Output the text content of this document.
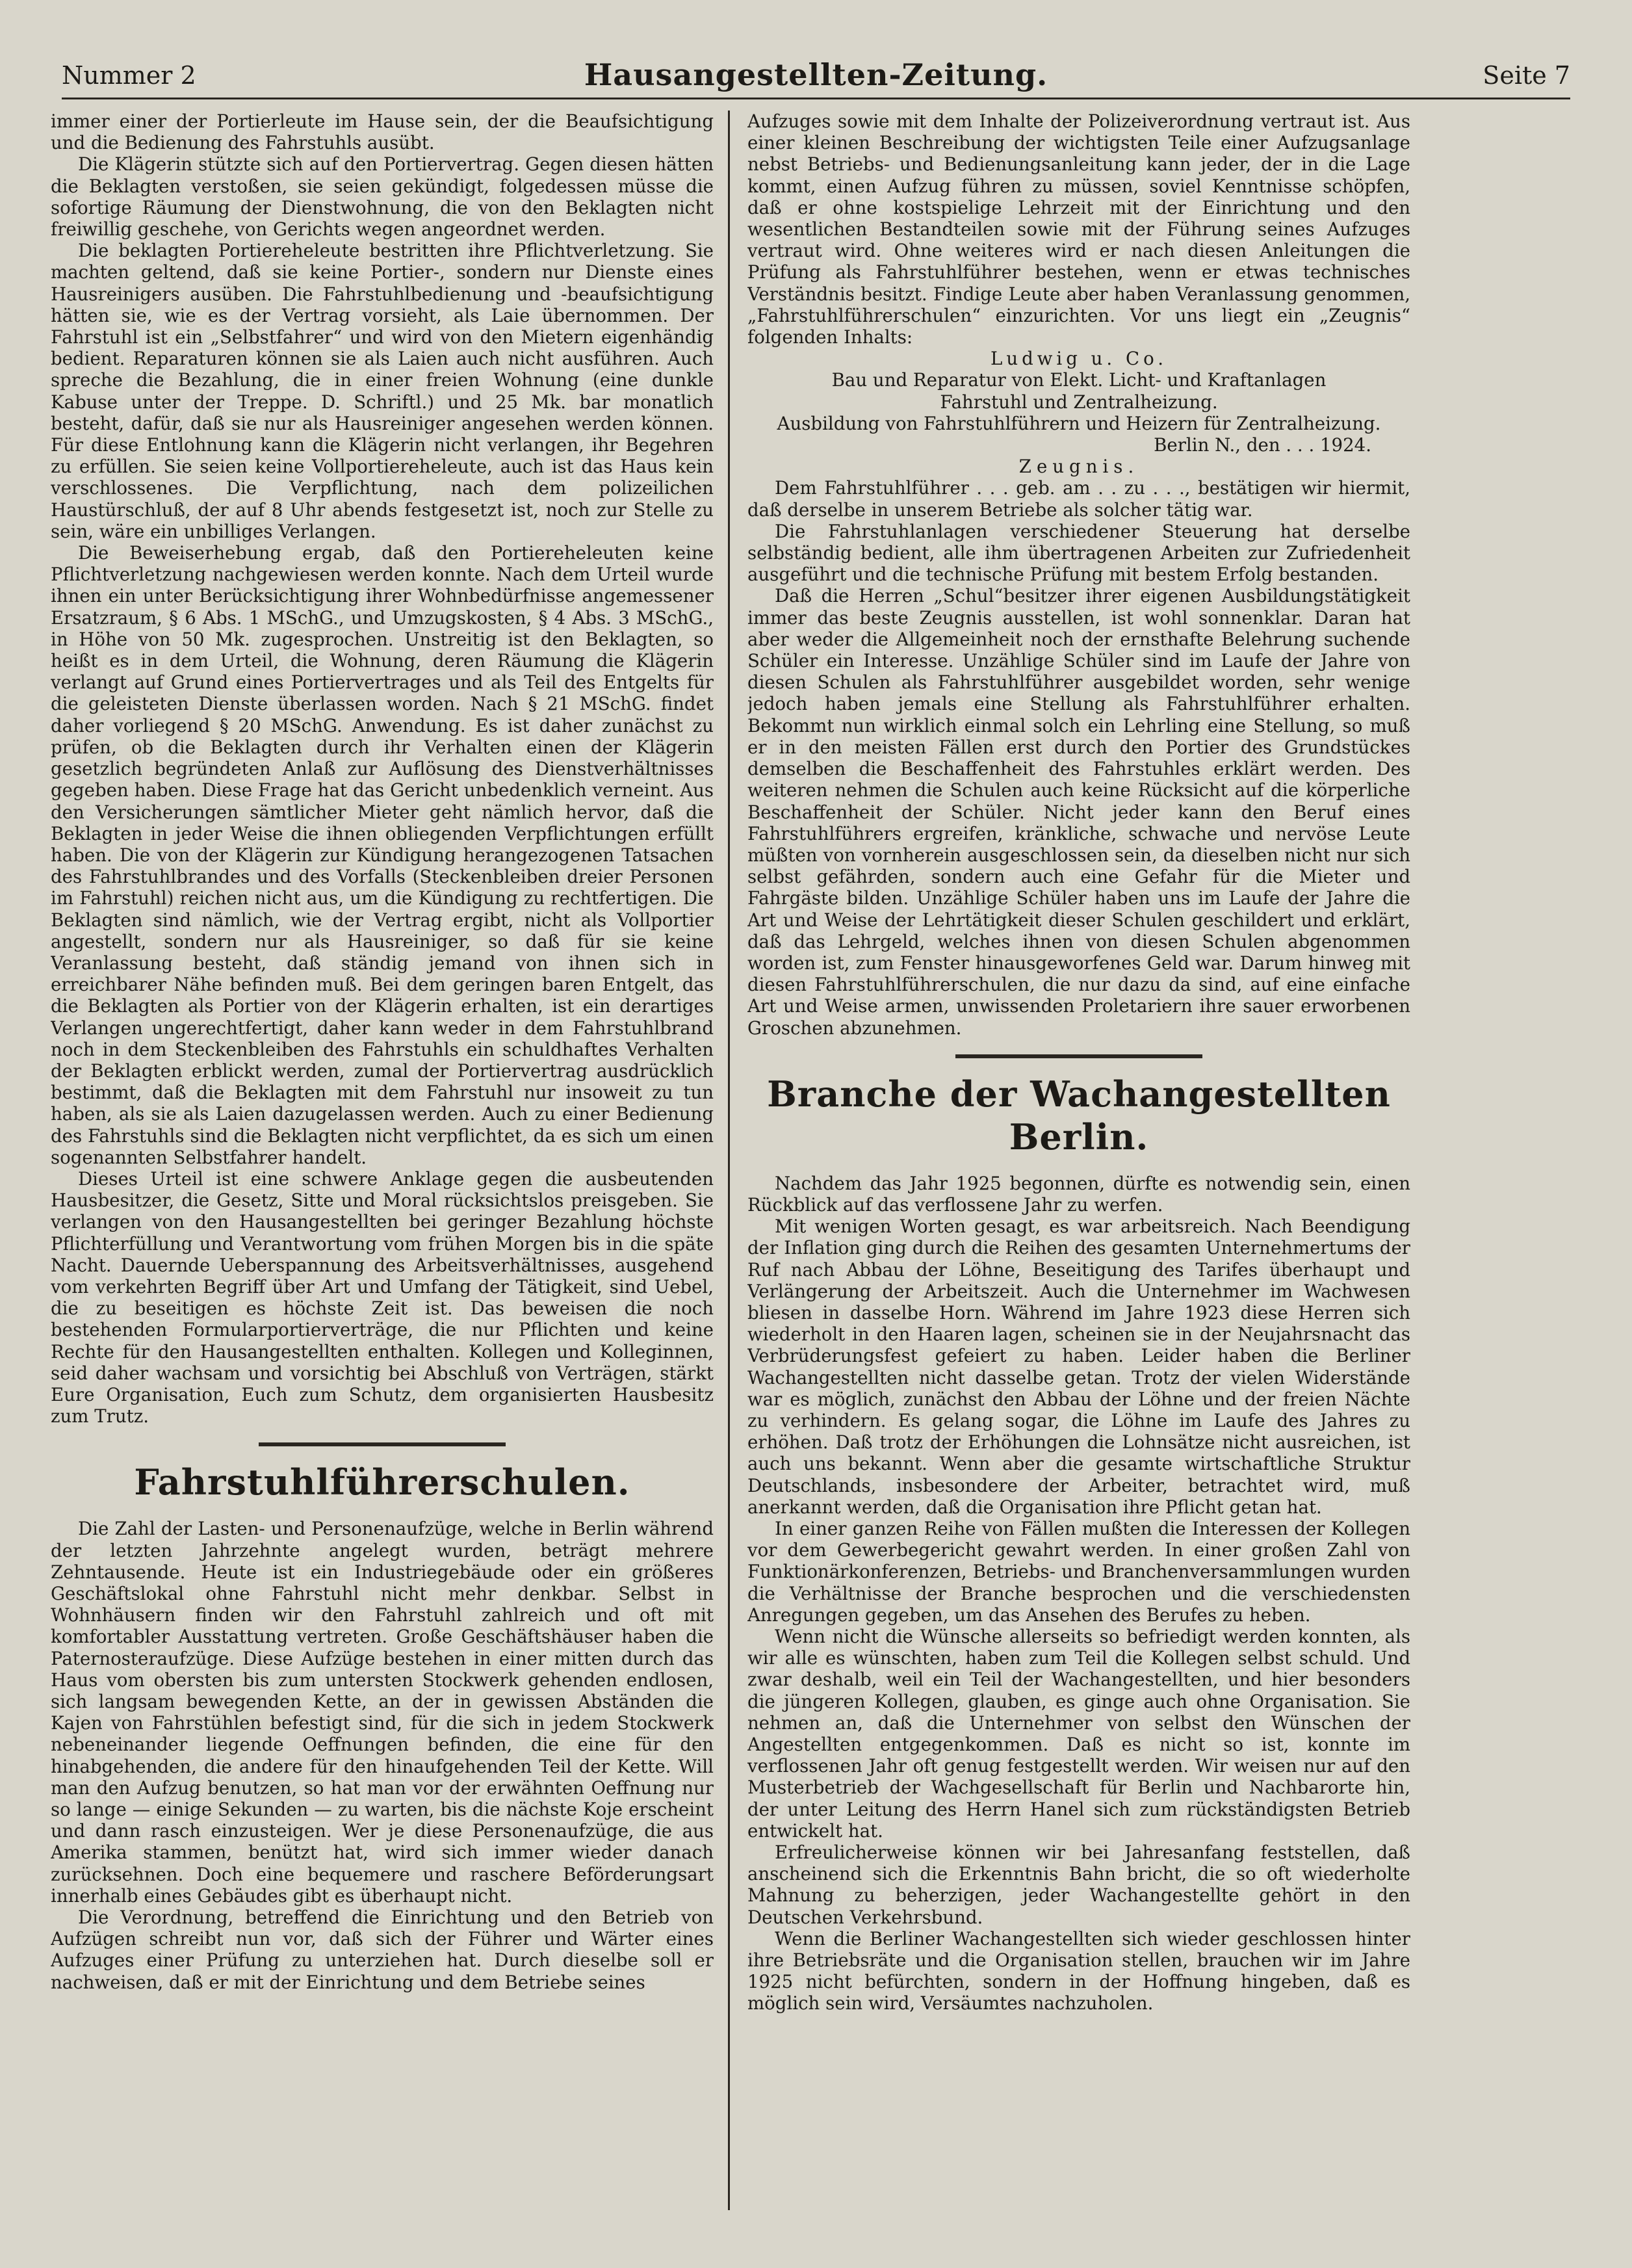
Nummer 2	Hausangestellten-Zeitung.	Seite 7

immer einer der Portierleute im Hause sein, der die Beaufsichtigung und die Bedienung des Fahrstuhls ausübt.

Die Klägerin stützte sich auf den Portiervertrag. Gegen diesen hätten die Beklagten verstoßen, sie seien gekündigt, folgedessen müsse die sofortige Räumung der Dienstwohnung, die von den Beklagten nicht freiwillig geschehe, von Gerichts wegen angeordnet werden.

Die beklagten Portiereheleute bestritten ihre Pflichtverletzung. Sie machten geltend, daß sie keine Portier-, sondern nur Dienste eines Hausreinigers ausüben. Die Fahrstuhlbedienung und -beaufsichtigung hätten sie, wie es der Vertrag vorsieht, als Laie übernommen. Der Fahrstuhl ist ein „Selbstfahrer“ und wird von den Mietern eigenhändig bedient. Reparaturen können sie als Laien auch nicht ausführen. Auch spreche die Bezahlung, die in einer freien Wohnung (eine dunkle Kabuse unter der Treppe. D. Schriftl.) und 25 Mk. bar monatlich besteht, dafür, daß sie nur als Hausreiniger angesehen werden können. Für diese Entlohnung kann die Klägerin nicht verlangen, ihr Begehren zu erfüllen. Sie seien keine Vollportiereheleute, auch ist das Haus kein verschlossenes. Die Verpflichtung, nach dem polizeilichen Haustürschluß, der auf 8 Uhr abends festgesetzt ist, noch zur Stelle zu sein, wäre ein unbilliges Verlangen.

Die Beweiserhebung ergab, daß den Portiereheleuten keine Pflichtverletzung nachgewiesen werden konnte. Nach dem Urteil wurde ihnen ein unter Berücksichtigung ihrer Wohnbedürfnisse angemessener Ersatzraum, § 6 Abs. 1 MSchG., und Umzugskosten, § 4 Abs. 3 MSchG., in Höhe von 50 Mk. zugesprochen. Unstreitig ist den Beklagten, so heißt es in dem Urteil, die Wohnung, deren Räumung die Klägerin verlangt auf Grund eines Portiervertrages und als Teil des Entgelts für die geleisteten Dienste überlassen worden. Nach § 21 MSchG. findet daher vorliegend § 20 MSchG. Anwendung. Es ist daher zunächst zu prüfen, ob die Beklagten durch ihr Verhalten einen der Klägerin gesetzlich begründeten Anlaß zur Auflösung des Dienstverhältnisses gegeben haben. Diese Frage hat das Gericht unbedenklich verneint. Aus den Versicherungen sämtlicher Mieter geht nämlich hervor, daß die Beklagten in jeder Weise die ihnen obliegenden Verpflichtungen erfüllt haben. Die von der Klägerin zur Kündigung herangezogenen Tatsachen des Fahrstuhlbrandes und des Vorfalls (Steckenbleiben dreier Personen im Fahrstuhl) reichen nicht aus, um die Kündigung zu rechtfertigen. Die Beklagten sind nämlich, wie der Vertrag ergibt, nicht als Vollportier angestellt, sondern nur als Hausreiniger, so daß für sie keine Veranlassung besteht, daß ständig jemand von ihnen sich in erreichbarer Nähe befinden muß. Bei dem geringen baren Entgelt, das die Beklagten als Portier von der Klägerin erhalten, ist ein derartiges Verlangen ungerechtfertigt, daher kann weder in dem Fahrstuhlbrand noch in dem Steckenbleiben des Fahrstuhls ein schuldhaftes Verhalten der Beklagten erblickt werden, zumal der Portiervertrag ausdrücklich bestimmt, daß die Beklagten mit dem Fahrstuhl nur insoweit zu tun haben, als sie als Laien dazugelassen werden. Auch zu einer Bedienung des Fahrstuhls sind die Beklagten nicht verpflichtet, da es sich um einen sogenannten Selbstfahrer handelt.

Dieses Urteil ist eine schwere Anklage gegen die ausbeutenden Hausbesitzer, die Gesetz, Sitte und Moral rücksichtslos preisgeben. Sie verlangen von den Hausangestellten bei geringer Bezahlung höchste Pflichterfüllung und Verantwortung vom frühen Morgen bis in die späte Nacht. Dauernde Ueberspannung des Arbeitsverhältnisses, ausgehend vom verkehrten Begriff über Art und Umfang der Tätigkeit, sind Uebel, die zu beseitigen es höchste Zeit ist. Das beweisen die noch bestehenden Formularportierverträge, die nur Pflichten und keine Rechte für den Hausangestellten enthalten. Kollegen und Kolleginnen, seid daher wachsam und vorsichtig bei Abschluß von Verträgen, stärkt Eure Organisation, Euch zum Schutz, dem organisierten Hausbesitz zum Trutz.

Fahrstuhlführerschulen.

Die Zahl der Lasten- und Personenaufzüge, welche in Berlin während der letzten Jahrzehnte angelegt wurden, beträgt mehrere Zehntausende. Heute ist ein Industriegebäude oder ein größeres Geschäftslokal ohne Fahrstuhl nicht mehr denkbar. Selbst in Wohnhäusern finden wir den Fahrstuhl zahlreich und oft mit komfortabler Ausstattung vertreten. Große Geschäftshäuser haben die Paternosteraufzüge. Diese Aufzüge bestehen in einer mitten durch das Haus vom obersten bis zum untersten Stockwerk gehenden endlosen, sich langsam bewegenden Kette, an der in gewissen Abständen die Kajen von Fahrstühlen befestigt sind, für die sich in jedem Stockwerk nebeneinander liegende Oeffnungen befinden, die eine für den hinabgehenden, die andere für den hinaufgehenden Teil der Kette. Will man den Aufzug benutzen, so hat man vor der erwähnten Oeffnung nur so lange — einige Sekunden — zu warten, bis die nächste Koje erscheint und dann rasch einzusteigen. Wer je diese Personenaufzüge, die aus Amerika stammen, benützt hat, wird sich immer wieder danach zurücksehnen. Doch eine bequemere und raschere Beförderungsart innerhalb eines Gebäudes gibt es überhaupt nicht.

Die Verordnung, betreffend die Einrichtung und den Betrieb von Aufzügen schreibt nun vor, daß sich der Führer und Wärter eines Aufzuges einer Prüfung zu unterziehen hat. Durch dieselbe soll er nachweisen, daß er mit der Einrichtung und dem Betriebe seines

Aufzuges sowie mit dem Inhalte der Polizeiverordnung vertraut ist. Aus einer kleinen Beschreibung der wichtigsten Teile einer Aufzugsanlage nebst Betriebs- und Bedienungsanleitung kann jeder, der in die Lage kommt, einen Aufzug führen zu müssen, soviel Kenntnisse schöpfen, daß er ohne kostspielige Lehrzeit mit der Einrichtung und den wesentlichen Bestandteilen sowie mit der Führung seines Aufzuges vertraut wird. Ohne weiteres wird er nach diesen Anleitungen die Prüfung als Fahrstuhlführer bestehen, wenn er etwas technisches Verständnis besitzt. Findige Leute aber haben Veranlassung genommen, „Fahrstuhlführerschulen“ einzurichten. Vor uns liegt ein „Zeugnis“ folgenden Inhalts:

Ludwig u. Co.

Bau und Reparatur von Elekt. Licht- und Kraftanlagen

Fahrstuhl und Zentralheizung.

Ausbildung von Fahrstuhlführern und Heizern für Zentralheizung.

Berlin N., den . . . 1924.

Zeugnis.

Dem Fahrstuhlführer . . . geb. am . . zu . . ., bestätigen wir hiermit, daß derselbe in unserem Betriebe als solcher tätig war.

Die Fahrstuhlanlagen verschiedener Steuerung hat derselbe selbständig bedient, alle ihm übertragenen Arbeiten zur Zufriedenheit ausgeführt und die technische Prüfung mit bestem Erfolg bestanden.

Daß die Herren „Schul“besitzer ihrer eigenen Ausbildungstätigkeit immer das beste Zeugnis ausstellen, ist wohl sonnenklar. Daran hat aber weder die Allgemeinheit noch der ernsthafte Belehrung suchende Schüler ein Interesse. Unzählige Schüler sind im Laufe der Jahre von diesen Schulen als Fahrstuhlführer ausgebildet worden, sehr wenige jedoch haben jemals eine Stellung als Fahrstuhlführer erhalten. Bekommt nun wirklich einmal solch ein Lehrling eine Stellung, so muß er in den meisten Fällen erst durch den Portier des Grundstückes demselben die Beschaffenheit des Fahrstuhles erklärt werden. Des weiteren nehmen die Schulen auch keine Rücksicht auf die körperliche Beschaffenheit der Schüler. Nicht jeder kann den Beruf eines Fahrstuhlführers ergreifen, kränkliche, schwache und nervöse Leute müßten von vornherein ausgeschlossen sein, da dieselben nicht nur sich selbst gefährden, sondern auch eine Gefahr für die Mieter und Fahrgäste bilden. Unzählige Schüler haben uns im Laufe der Jahre die Art und Weise der Lehrtätigkeit dieser Schulen geschildert und erklärt, daß das Lehrgeld, welches ihnen von diesen Schulen abgenommen worden ist, zum Fenster hinausgeworfenes Geld war. Darum hinweg mit diesen Fahrstuhlführerschulen, die nur dazu da sind, auf eine einfache Art und Weise armen, unwissenden Proletariern ihre sauer erworbenen Groschen abzunehmen.

Branche der Wachangestellten Berlin.

Nachdem das Jahr 1925 begonnen, dürfte es notwendig sein, einen Rückblick auf das verflossene Jahr zu werfen.

Mit wenigen Worten gesagt, es war arbeitsreich. Nach Beendigung der Inflation ging durch die Reihen des gesamten Unternehmertums der Ruf nach Abbau der Löhne, Beseitigung des Tarifes überhaupt und Verlängerung der Arbeitszeit. Auch die Unternehmer im Wachwesen bliesen in dasselbe Horn. Während im Jahre 1923 diese Herren sich wiederholt in den Haaren lagen, scheinen sie in der Neujahrsnacht das Verbrüderungsfest gefeiert zu haben. Leider haben die Berliner Wachangestellten nicht dasselbe getan. Trotz der vielen Widerstände war es möglich, zunächst den Abbau der Löhne und der freien Nächte zu verhindern. Es gelang sogar, die Löhne im Laufe des Jahres zu erhöhen. Daß trotz der Erhöhungen die Lohnsätze nicht ausreichen, ist auch uns bekannt. Wenn aber die gesamte wirtschaftliche Struktur Deutschlands, insbesondere der Arbeiter, betrachtet wird, muß anerkannt werden, daß die Organisation ihre Pflicht getan hat.

In einer ganzen Reihe von Fällen mußten die Interessen der Kollegen vor dem Gewerbegericht gewahrt werden. In einer großen Zahl von Funktionärkonferenzen, Betriebs- und Branchenversammlungen wurden die Verhältnisse der Branche besprochen und die verschiedensten Anregungen gegeben, um das Ansehen des Berufes zu heben.

Wenn nicht die Wünsche allerseits so befriedigt werden konnten, als wir alle es wünschten, haben zum Teil die Kollegen selbst schuld. Und zwar deshalb, weil ein Teil der Wachangestellten, und hier besonders die jüngeren Kollegen, glauben, es ginge auch ohne Organisation. Sie nehmen an, daß die Unternehmer von selbst den Wünschen der Angestellten entgegenkommen. Daß es nicht so ist, konnte im verflossenen Jahr oft genug festgestellt werden. Wir weisen nur auf den Musterbetrieb der Wachgesellschaft für Berlin und Nachbarorte hin, der unter Leitung des Herrn Hanel sich zum rückständigsten Betrieb entwickelt hat.

Erfreulicherweise können wir bei Jahresanfang feststellen, daß anscheinend sich die Erkenntnis Bahn bricht, die so oft wiederholte Mahnung zu beherzigen, jeder Wachangestellte gehört in den Deutschen Verkehrsbund.

Wenn die Berliner Wachangestellten sich wieder geschlossen hinter ihre Betriebsräte und die Organisation stellen, brauchen wir im Jahre 1925 nicht befürchten, sondern in der Hoffnung hingeben, daß es möglich sein wird, Versäumtes nachzuholen.
